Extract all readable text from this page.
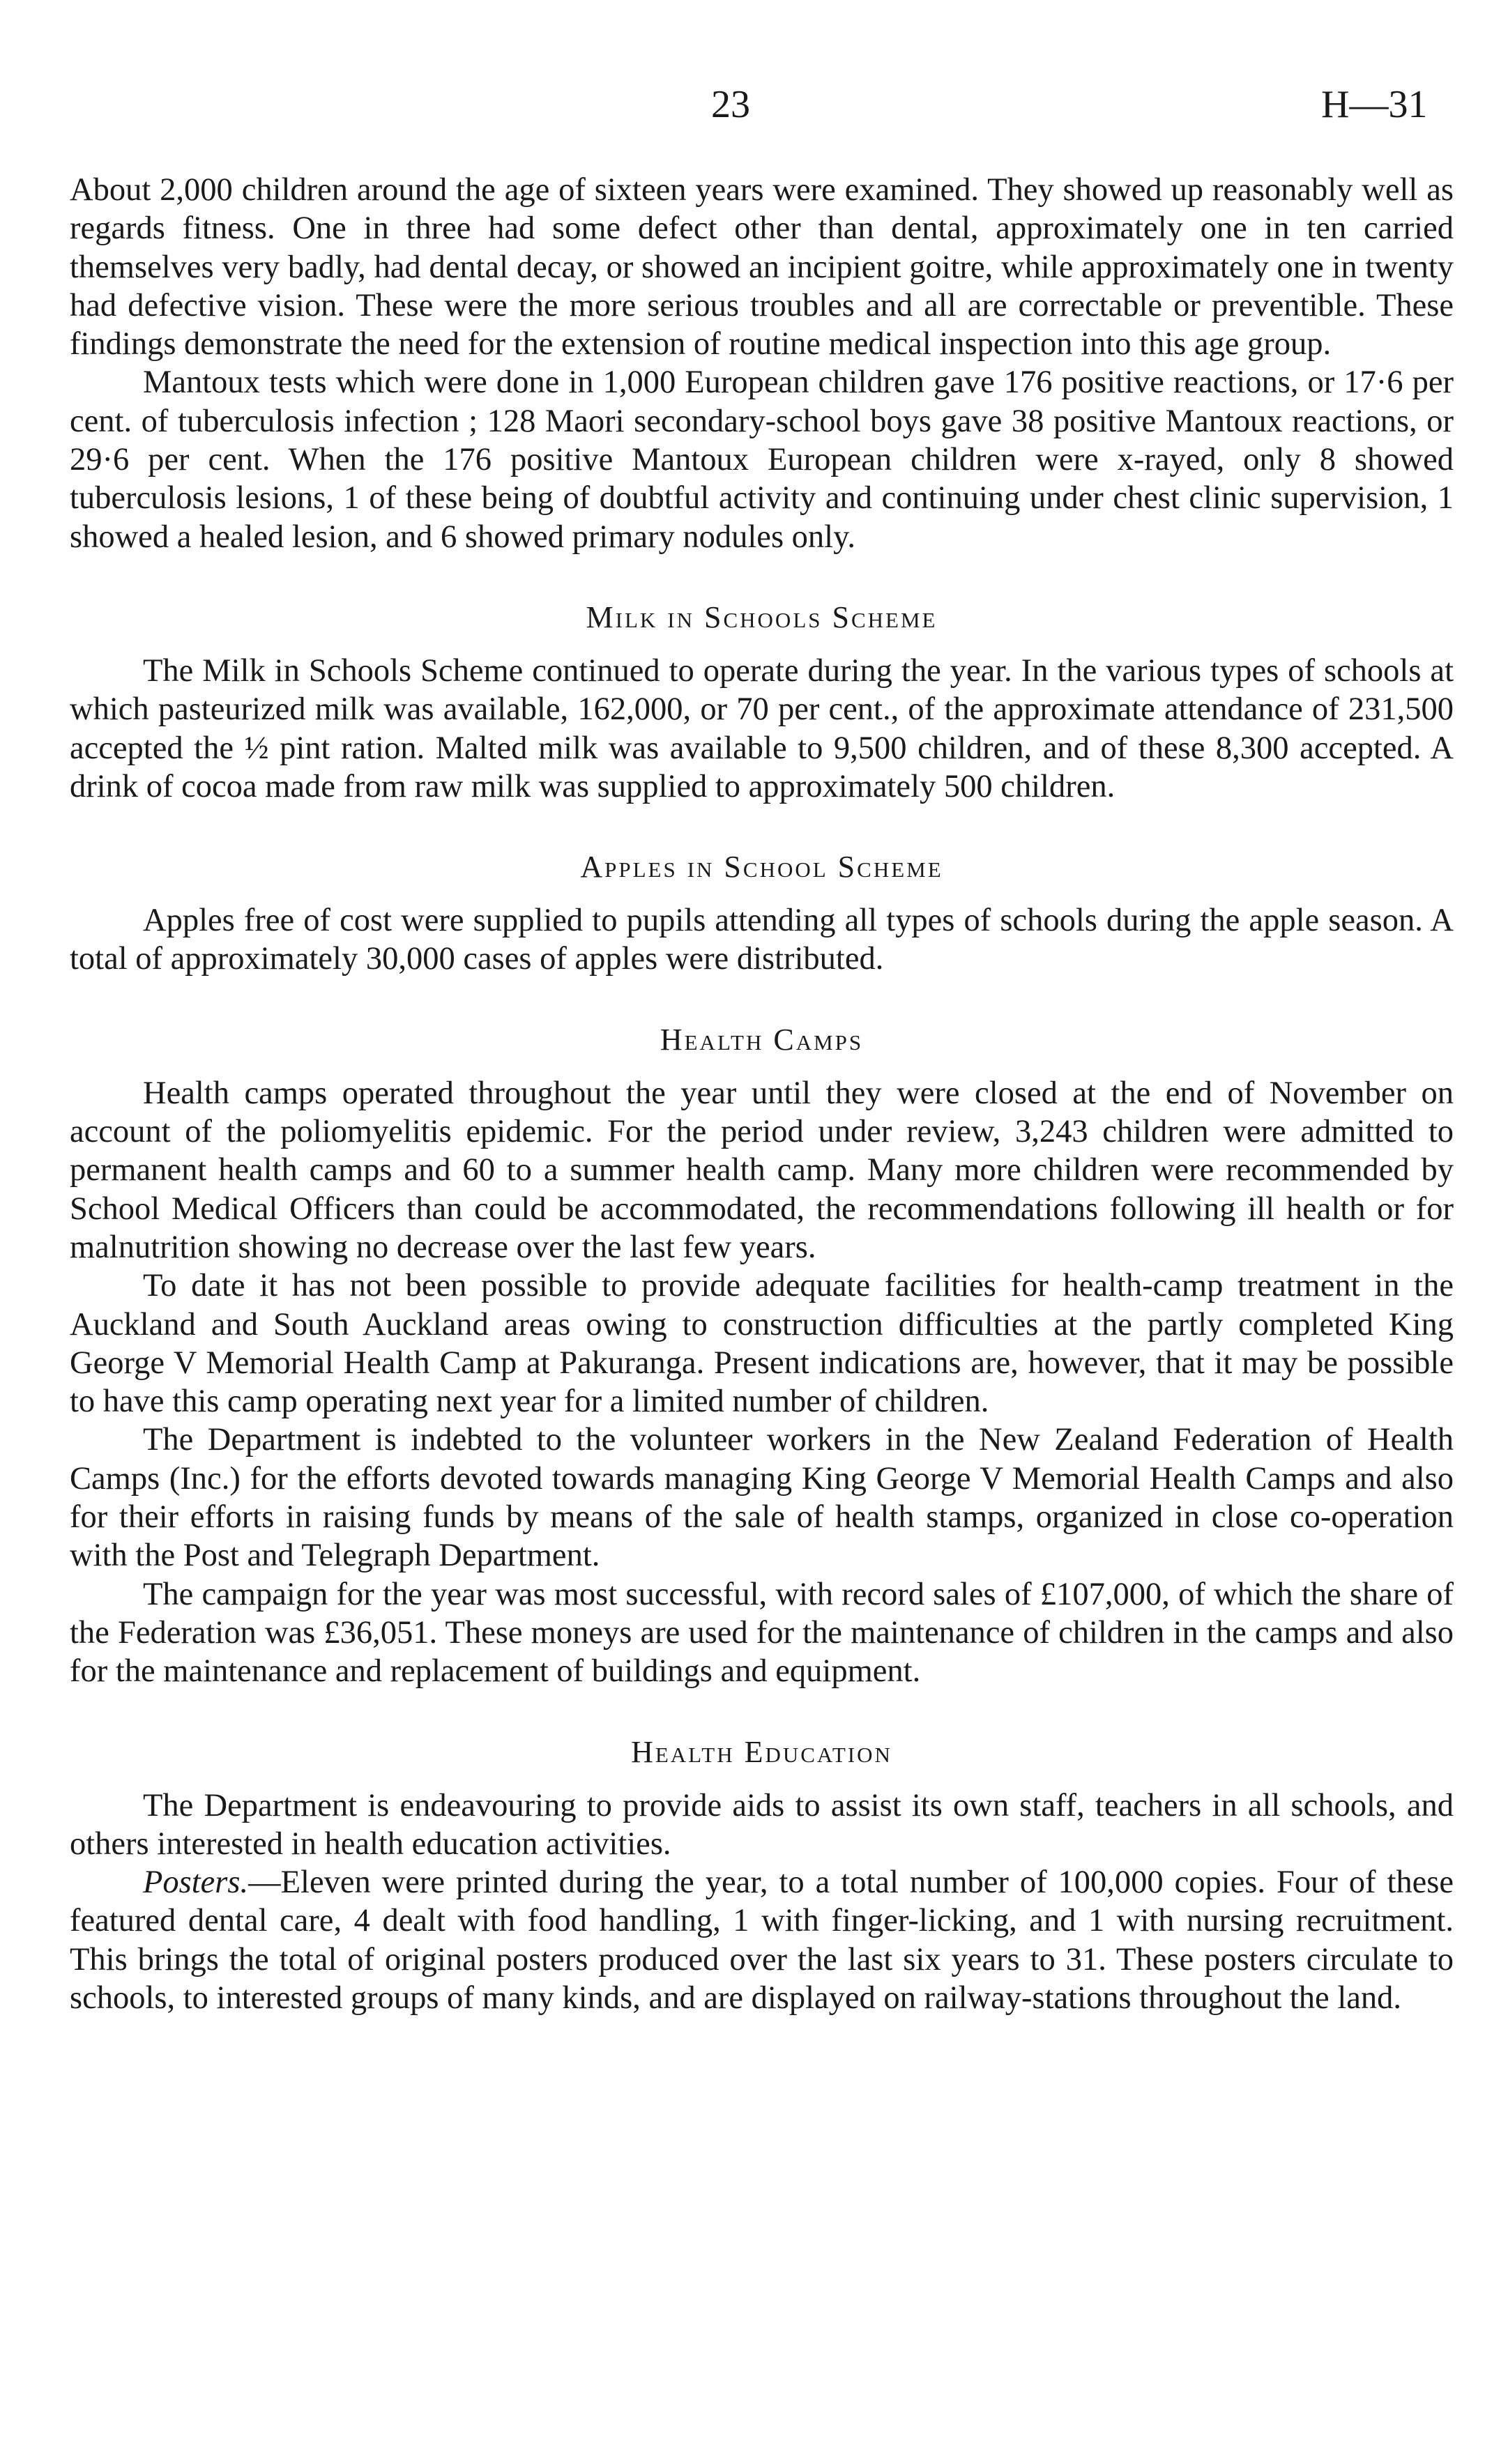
23	H—31

About 2,000 children around the age of sixteen years were examined. They showed up reasonably well as regards fitness. One in three had some defect other than dental, approximately one in ten carried themselves very badly, had dental decay, or showed an incipient goitre, while approximately one in twenty had defective vision. These were the more serious troubles and all are correctable or preventible. These findings demonstrate the need for the extension of routine medical inspection into this age group.

Mantoux tests which were done in 1,000 European children gave 176 positive reactions, or 17·6 per cent. of tuberculosis infection ; 128 Maori secondary-school boys gave 38 positive Mantoux reactions, or 29·6 per cent. When the 176 positive Mantoux European children were x-rayed, only 8 showed tuberculosis lesions, 1 of these being of doubtful activity and continuing under chest clinic supervision, 1 showed a healed lesion, and 6 showed primary nodules only.

Milk in Schools Scheme

The Milk in Schools Scheme continued to operate during the year. In the various types of schools at which pasteurized milk was available, 162,000, or 70 per cent., of the approximate attendance of 231,500 accepted the ½ pint ration. Malted milk was available to 9,500 children, and of these 8,300 accepted. A drink of cocoa made from raw milk was supplied to approximately 500 children.

Apples in School Scheme

Apples free of cost were supplied to pupils attending all types of schools during the apple season. A total of approximately 30,000 cases of apples were distributed.

Health Camps

Health camps operated throughout the year until they were closed at the end of November on account of the poliomyelitis epidemic. For the period under review, 3,243 children were admitted to permanent health camps and 60 to a summer health camp. Many more children were recommended by School Medical Officers than could be accommodated, the recommendations following ill health or for malnutrition showing no decrease over the last few years.

To date it has not been possible to provide adequate facilities for health-camp treatment in the Auckland and South Auckland areas owing to construction difficulties at the partly completed King George V Memorial Health Camp at Pakuranga. Present indications are, however, that it may be possible to have this camp operating next year for a limited number of children.

The Department is indebted to the volunteer workers in the New Zealand Federation of Health Camps (Inc.) for the efforts devoted towards managing King George V Memorial Health Camps and also for their efforts in raising funds by means of the sale of health stamps, organized in close co-operation with the Post and Telegraph Department.

The campaign for the year was most successful, with record sales of £107,000, of which the share of the Federation was £36,051. These moneys are used for the maintenance of children in the camps and also for the maintenance and replacement of buildings and equipment.

Health Education

The Department is endeavouring to provide aids to assist its own staff, teachers in all schools, and others interested in health education activities.

Posters.—Eleven were printed during the year, to a total number of 100,000 copies. Four of these featured dental care, 4 dealt with food handling, 1 with finger-licking, and 1 with nursing recruitment. This brings the total of original posters produced over the last six years to 31. These posters circulate to schools, to interested groups of many kinds, and are displayed on railway-stations throughout the land.
